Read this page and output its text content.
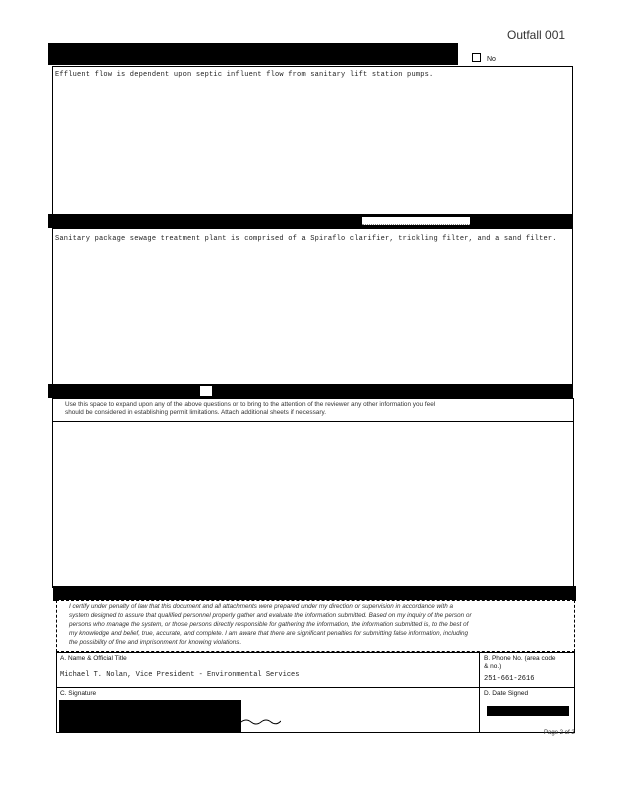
Outfall 001
No
Effluent flow is dependent upon septic influent flow from sanitary lift station pumps.
Sanitary package sewage treatment plant is comprised of a Spiraflo clarifier, trickling filter, and a sand filter.
Use this space to expand upon any of the above questions or to bring to the attention of the reviewer any other information you feel
should be considered in establishing permit limitations. Attach additional sheets if necessary.
I certify under penalty of law that this document and all attachments were prepared under my direction or supervision in accordance with a
system designed to assure that qualified personnel properly gather and evaluate the information submitted. Based on my inquiry of the person or
persons who manage the system, or those persons directly responsible for gathering the information, the information submitted is, to the best of
my knowledge and belief, true, accurate, and complete. I am aware that there are significant penalties for submitting false information, including
the possibility of fine and imprisonment for knowing violations.
A. Name & Official Title
Michael T. Nolan, Vice President - Environmental Services
B. Phone No. (area code
& no.)
251-661-2616
C. Signature	D. Date Signed
Page 2 of 2
